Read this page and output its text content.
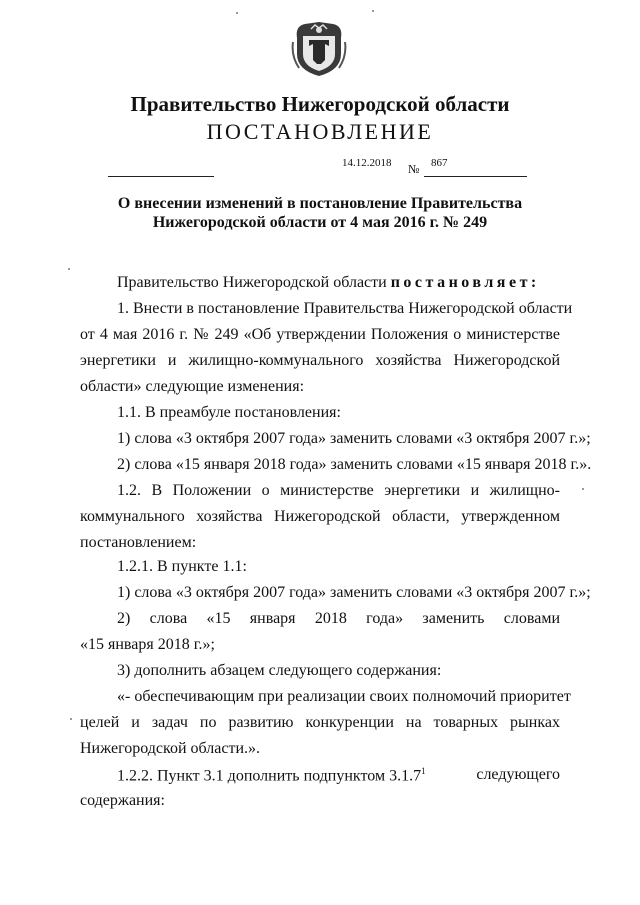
Правительство Нижегородской области
ПОСТАНОВЛЕНИЕ
14.12.2018 № 867
О внесении изменений в постановление Правительства
Нижегородской области от 4 мая 2016 г. № 249
Правительство Нижегородской области постановляет:
1. Внести в постановление Правительства Нижегородской области
от 4 мая 2016 г. № 249 «Об утверждении Положения о министерстве
энергетики и жилищно-коммунального хозяйства Нижегородской
области» следующие изменения:
1.1. В преамбуле постановления:
1) слова «3 октября 2007 года» заменить словами «3 октября 2007 г.»;
2) слова «15 января 2018 года» заменить словами «15 января 2018 г.».
1.2. В Положении о министерстве энергетики и жилищно-
коммунального хозяйства Нижегородской области, утвержденном
постановлением:
1.2.1. В пункте 1.1:
1) слова «3 октября 2007 года» заменить словами «3 октября 2007 г.»;
2) слова «15 января 2018 года» заменить словами
«15 января 2018 г.»;
3) дополнить абзацем следующего содержания:
«- обеспечивающим при реализации своих полномочий приоритет
целей и задач по развитию конкуренции на товарных рынках
Нижегородской области.».
1.2.2. Пункт 3.1 дополнить подпунктом 3.1.7$^1$	следующего
содержания:
